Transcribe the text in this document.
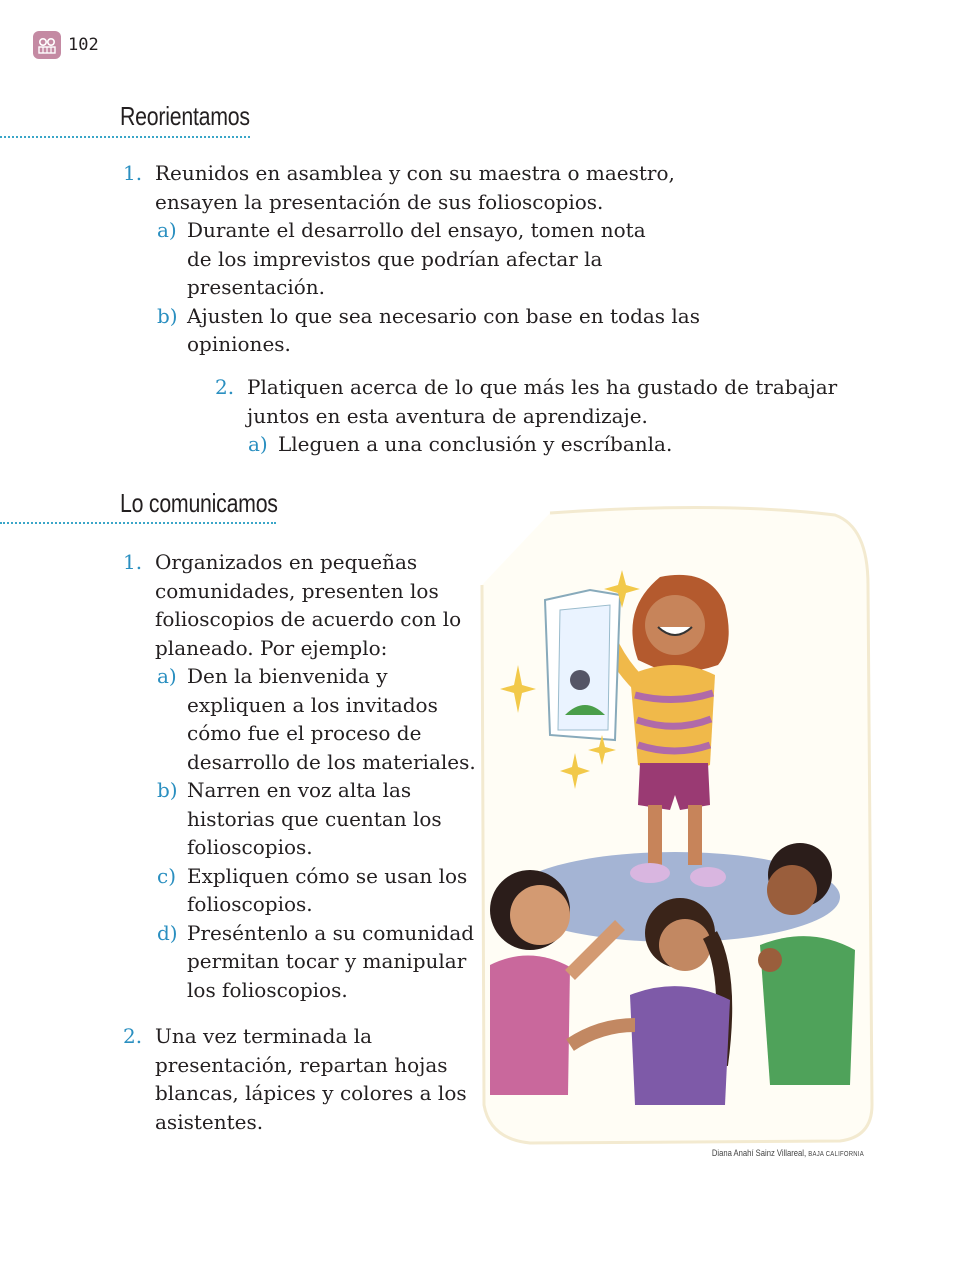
102
Reorientamos
1. Reunidos en asamblea y con su maestra o maestro,
ensayen la presentación de sus folioscopios.
a) Durante el desarrollo del ensayo, tomen nota
de los imprevistos que podrían afectar la
presentación.
b) Ajusten lo que sea necesario con base en todas las
opiniones.
2. Platiquen acerca de lo que más les ha gustado de trabajar
juntos en esta aventura de aprendizaje.
a) Lleguen a una conclusión y escríbanla.
Lo comunicamos
1. Organizados en pequeñas
comunidades, presenten los
folioscopios de acuerdo con lo
planeado. Por ejemplo:
a) Den la bienvenida y
expliquen a los invitados
cómo fue el proceso de
desarrollo de los materiales.
b) Narren en voz alta las
historias que cuentan los
folioscopios.
c) Expliquen cómo se usan los
folioscopios.
d) Preséntenlo a su comunidad
permitan tocar y manipular
los folioscopios.
2. Una vez terminada la
presentación, repartan hojas
blancas, lápices y colores a los
asistentes.
Diana Anahí Sainz Villareal, BAJA CALIFORNIA
